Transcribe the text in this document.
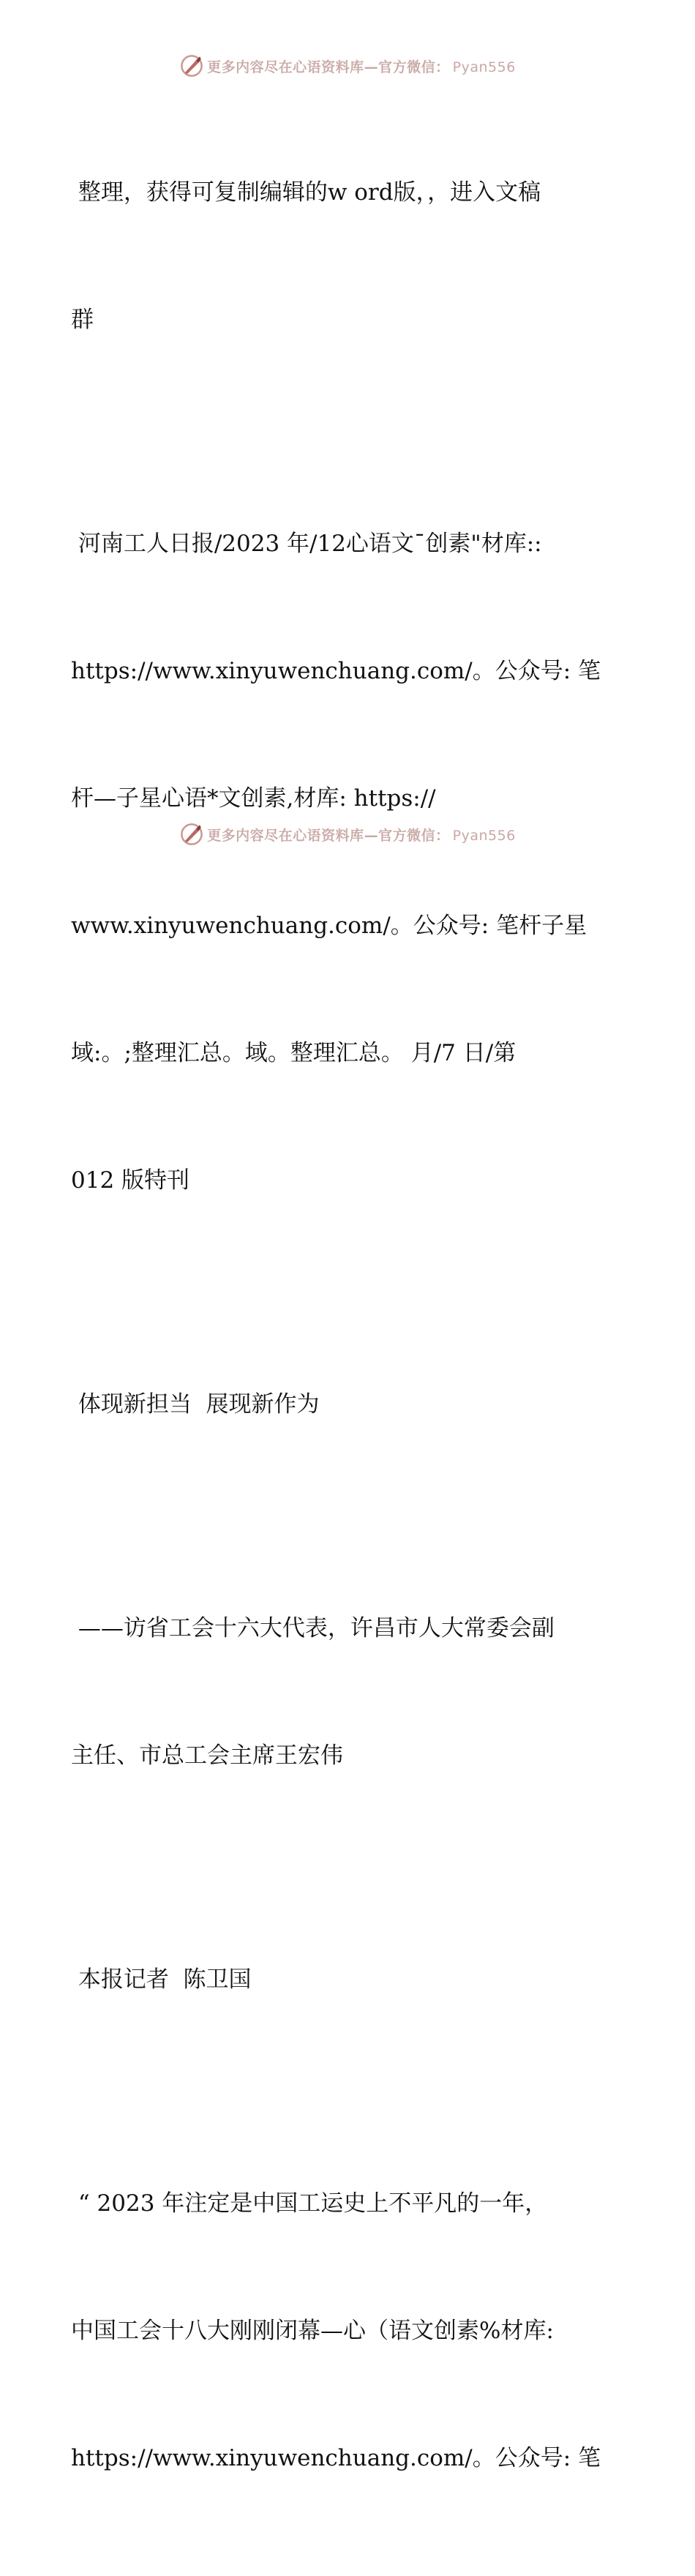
更多内容尽在心语资料库—官方微信： Pyan556

整理，获得可复制编辑的w ord版，，进入文稿

群

河南工人日报/2023 年/12心语文¯创素"材库::

https://www.xinyuwenchuang.com/。公众号: 笔

杆—子星心语*文创素,材库: https://

www.xinyuwenchuang.com/。公众号: 笔杆子星

域:。;整理汇总。域。整理汇总。 月/7 日/第

012 版特刊

体现新担当  展现新作为

——访省工会十六大代表，许昌市人大常委会副

主任、市总工会主席王宏伟

本报记者  陈卫国

“ 2023 年注定是中国工运史上不平凡的一年，

中国工会十八大刚刚闭幕—心（语文创素%材库:

https://www.xinyuwenchuang.com/。公众号: 笔

更多内容尽在心语资料库—官方微信： Pyan556
